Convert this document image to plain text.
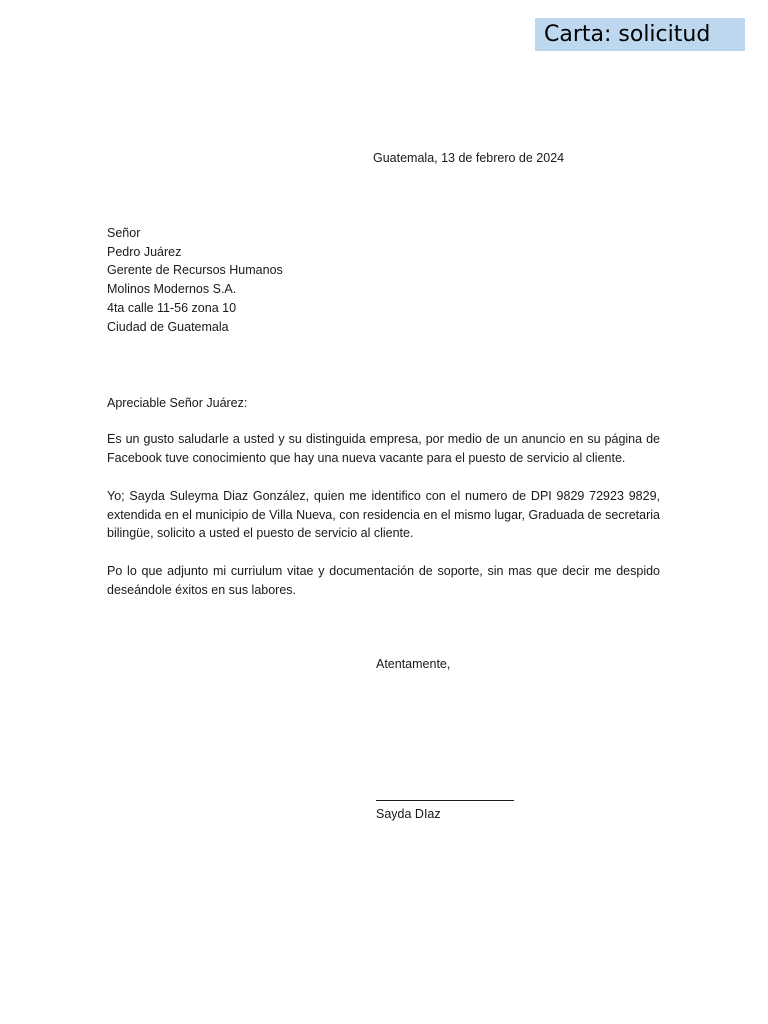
Carta: solicitud
Guatemala, 13 de febrero de 2024
Señor
Pedro Juárez
Gerente de Recursos Humanos
Molinos Modernos S.A.
4ta calle 11-56 zona 10
Ciudad de Guatemala
Apreciable Señor Juárez:
Es un gusto saludarle a usted y su distinguida empresa, por medio de un anuncio en su página de Facebook tuve conocimiento que hay una nueva vacante para el puesto de servicio al cliente.
Yo; Sayda Suleyma Diaz González, quien me identifico con el numero de DPI 9829 72923 9829, extendida en el municipio de Villa Nueva, con residencia en el mismo lugar, Graduada de secretaria bilingüe, solicito a usted el puesto de servicio al cliente.
Po lo que adjunto mi curriulum vitae y documentación de soporte, sin mas que decir me despido deseándole éxitos en sus labores.
Atentamente,
Sayda DIaz
